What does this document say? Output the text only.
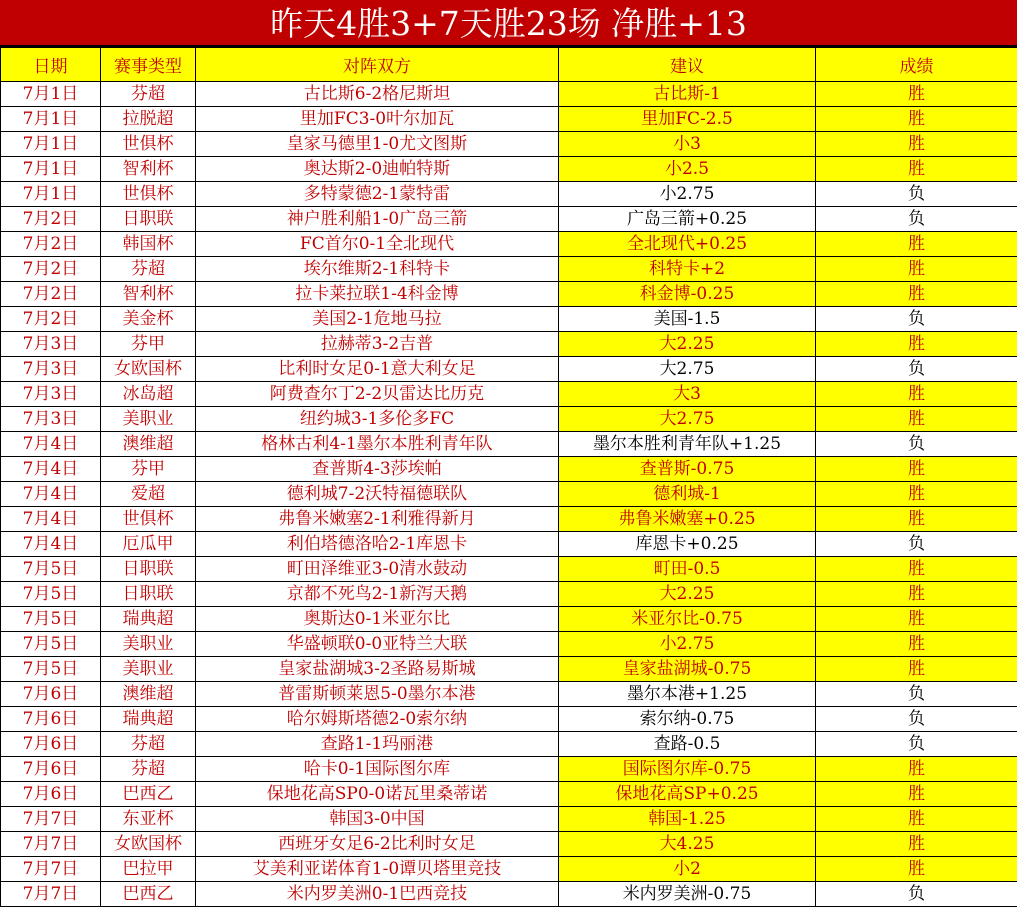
昨天4胜3+7天胜23场 净胜+13
日期	赛事类型	对阵双方	建议	成绩
7月1日	芬超	古比斯6-2格尼斯坦	古比斯-1	胜
7月1日	拉脱超	里加FC3-0叶尔加瓦	里加FC-2.5	胜
7月1日	世俱杯	皇家马德里1-0尤文图斯	小3	胜
7月1日	智利杯	奥达斯2-0迪帕特斯	小2.5	胜
7月1日	世俱杯	多特蒙德2-1蒙特雷	小2.75	负
7月2日	日职联	神户胜利船1-0广岛三箭	广岛三箭+0.25	负
7月2日	韩国杯	FC首尔0-1全北现代	全北现代+0.25	胜
7月2日	芬超	埃尔维斯2-1科特卡	科特卡+2	胜
7月2日	智利杯	拉卡莱拉联1-4科金博	科金博-0.25	胜
7月2日	美金杯	美国2-1危地马拉	美国-1.5	负
7月3日	芬甲	拉赫蒂3-2吉普	大2.25	胜
7月3日	女欧国杯	比利时女足0-1意大利女足	大2.75	负
7月3日	冰岛超	阿费查尔丁2-2贝雷达比历克	大3	胜
7月3日	美职业	纽约城3-1多伦多FC	大2.75	胜
7月4日	澳维超	格林古利4-1墨尔本胜利青年队	墨尔本胜利青年队+1.25	负
7月4日	芬甲	查普斯4-3莎埃帕	查普斯-0.75	胜
7月4日	爱超	德利城7-2沃特福德联队	德利城-1	胜
7月4日	世俱杯	弗鲁米嫩塞2-1利雅得新月	弗鲁米嫩塞+0.25	胜
7月4日	厄瓜甲	利伯塔德洛哈2-1库恩卡	库恩卡+0.25	负
7月5日	日职联	町田泽维亚3-0清水鼓动	町田-0.5	胜
7月5日	日职联	京都不死鸟2-1新泻天鹅	大2.25	胜
7月5日	瑞典超	奥斯达0-1米亚尔比	米亚尔比-0.75	胜
7月5日	美职业	华盛顿联0-0亚特兰大联	小2.75	胜
7月5日	美职业	皇家盐湖城3-2圣路易斯城	皇家盐湖城-0.75	胜
7月6日	澳维超	普雷斯顿莱恩5-0墨尔本港	墨尔本港+1.25	负
7月6日	瑞典超	哈尔姆斯塔德2-0索尔纳	索尔纳-0.75	负
7月6日	芬超	查路1-1玛丽港	查路-0.5	负
7月6日	芬超	哈卡0-1国际图尔库	国际图尔库-0.75	胜
7月6日	巴西乙	保地花高SP0-0诺瓦里桑蒂诺	保地花高SP+0.25	胜
7月7日	东亚杯	韩国3-0中国	韩国-1.25	胜
7月7日	女欧国杯	西班牙女足6-2比利时女足	大4.25	胜
7月7日	巴拉甲	艾美利亚诺体育1-0谭贝塔里竞技	小2	胜
7月7日	巴西乙	米内罗美洲0-1巴西竞技	米内罗美洲-0.75	负
